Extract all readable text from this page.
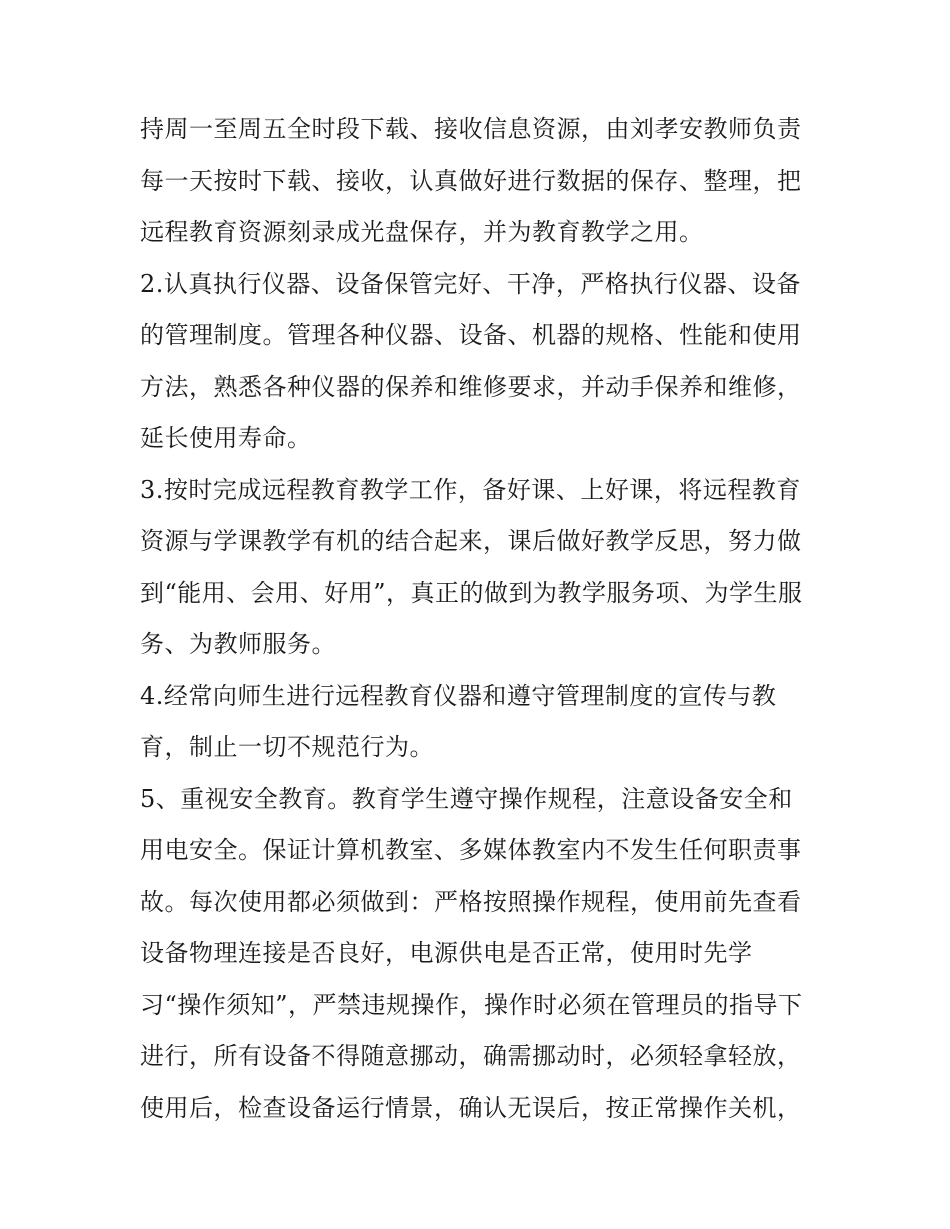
持周一至周五全时段下载、接收信息资源，由刘孝安教师负责
每一天按时下载、接收，认真做好进行数据的保存、整理，把
远程教育资源刻录成光盘保存，并为教育教学之用。
2.认真执行仪器、设备保管完好、干净，严格执行仪器、设备
的管理制度。管理各种仪器、设备、机器的规格、性能和使用
方法，熟悉各种仪器的保养和维修要求，并动手保养和维修，
延长使用寿命。
3.按时完成远程教育教学工作，备好课、上好课，将远程教育
资源与学课教学有机的结合起来，课后做好教学反思，努力做
到“能用、会用、好用”，真正的做到为教学服务项、为学生服
务、为教师服务。
4.经常向师生进行远程教育仪器和遵守管理制度的宣传与教
育，制止一切不规范行为。
5、重视安全教育。教育学生遵守操作规程，注意设备安全和
用电安全。保证计算机教室、多媒体教室内不发生任何职责事
故。每次使用都必须做到：严格按照操作规程，使用前先查看
设备物理连接是否良好，电源供电是否正常，使用时先学
习“操作须知”，严禁违规操作，操作时必须在管理员的指导下
进行，所有设备不得随意挪动，确需挪动时，必须轻拿轻放，
使用后，检查设备运行情景，确认无误后，按正常操作关机，
